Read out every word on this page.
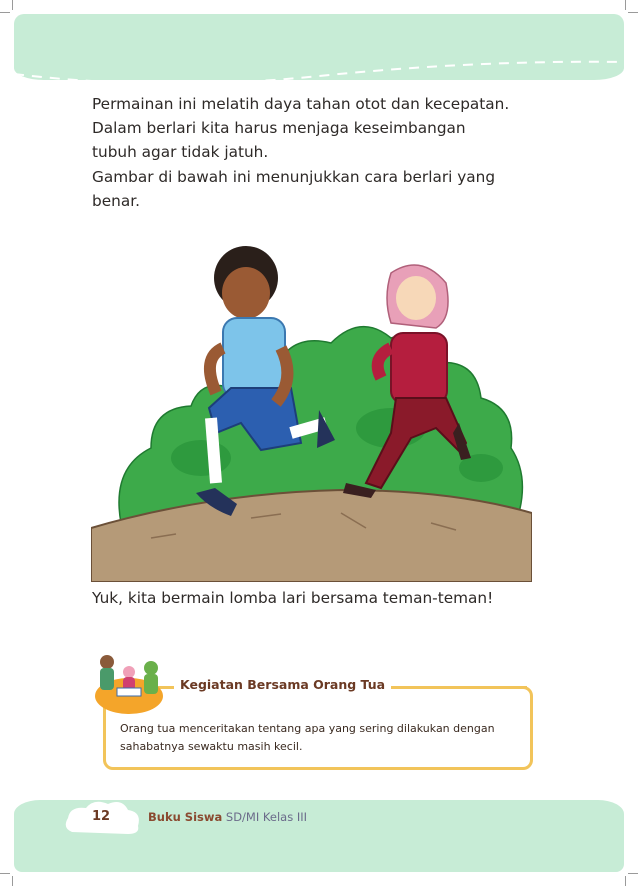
Permainan ini melatih daya tahan otot dan kecepatan. Dalam berlari kita harus menjaga keseimbangan tubuh agar tidak jatuh.

Gambar di bawah ini menunjukkan cara berlari yang benar.

Yuk, kita bermain lomba lari bersama teman-teman!

Kegiatan Bersama Orang Tua

Orang tua menceritakan tentang apa yang sering dilakukan dengan sahabatnya sewaktu masih kecil.

12	Buku Siswa SD/MI Kelas III
